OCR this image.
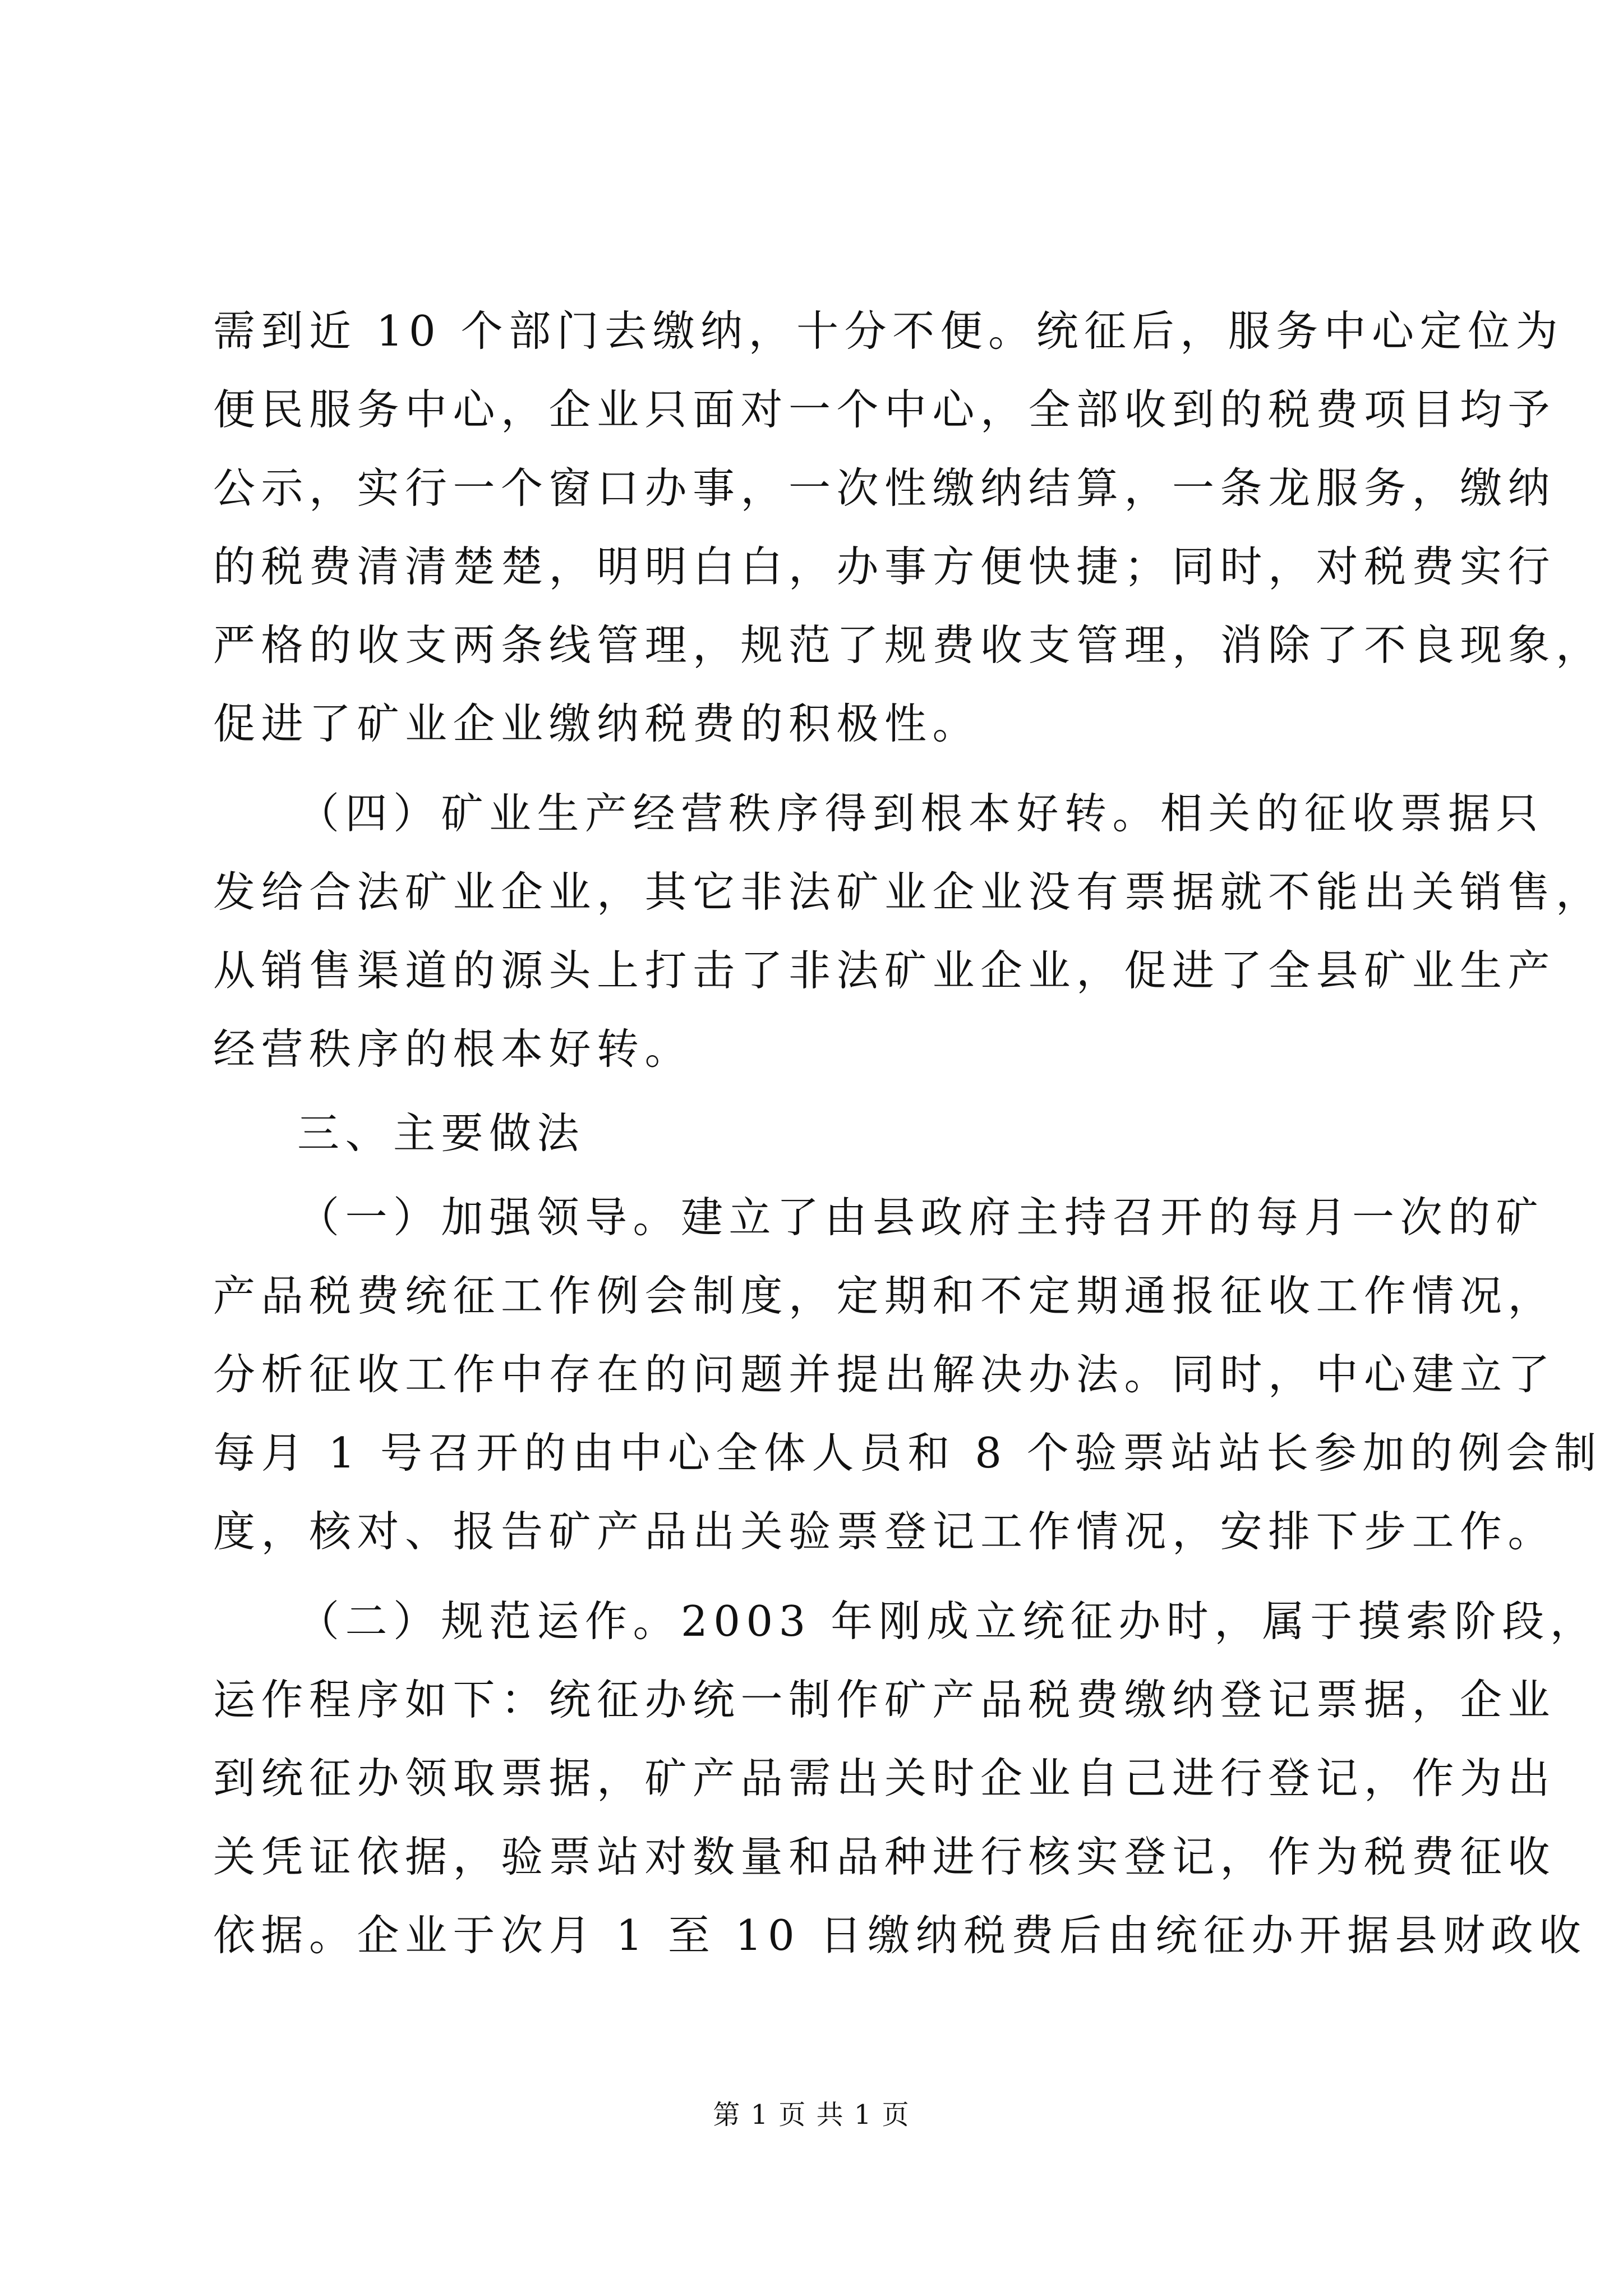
需到近 10 个部门去缴纳，十分不便。统征后，服务中心定位为
便民服务中心，企业只面对一个中心，全部收到的税费项目均予
公示，实行一个窗口办事，一次性缴纳结算，一条龙服务，缴纳
的税费清清楚楚，明明白白，办事方便快捷；同时，对税费实行
严格的收支两条线管理，规范了规费收支管理，消除了不良现象，
促进了矿业企业缴纳税费的积极性。
（四）矿业生产经营秩序得到根本好转。相关的征收票据只
发给合法矿业企业，其它非法矿业企业没有票据就不能出关销售，
从销售渠道的源头上打击了非法矿业企业，促进了全县矿业生产
经营秩序的根本好转。
三、主要做法
（一）加强领导。建立了由县政府主持召开的每月一次的矿
产品税费统征工作例会制度，定期和不定期通报征收工作情况，
分析征收工作中存在的问题并提出解决办法。同时，中心建立了
每月 1 号召开的由中心全体人员和 8 个验票站站长参加的例会制
度，核对、报告矿产品出关验票登记工作情况，安排下步工作。
（二）规范运作。2003 年刚成立统征办时，属于摸索阶段，
运作程序如下：统征办统一制作矿产品税费缴纳登记票据，企业
到统征办领取票据，矿产品需出关时企业自己进行登记，作为出
关凭证依据，验票站对数量和品种进行核实登记，作为税费征收
依据。企业于次月 1 至 10 日缴纳税费后由统征办开据县财政收
第 1 页 共 1 页
